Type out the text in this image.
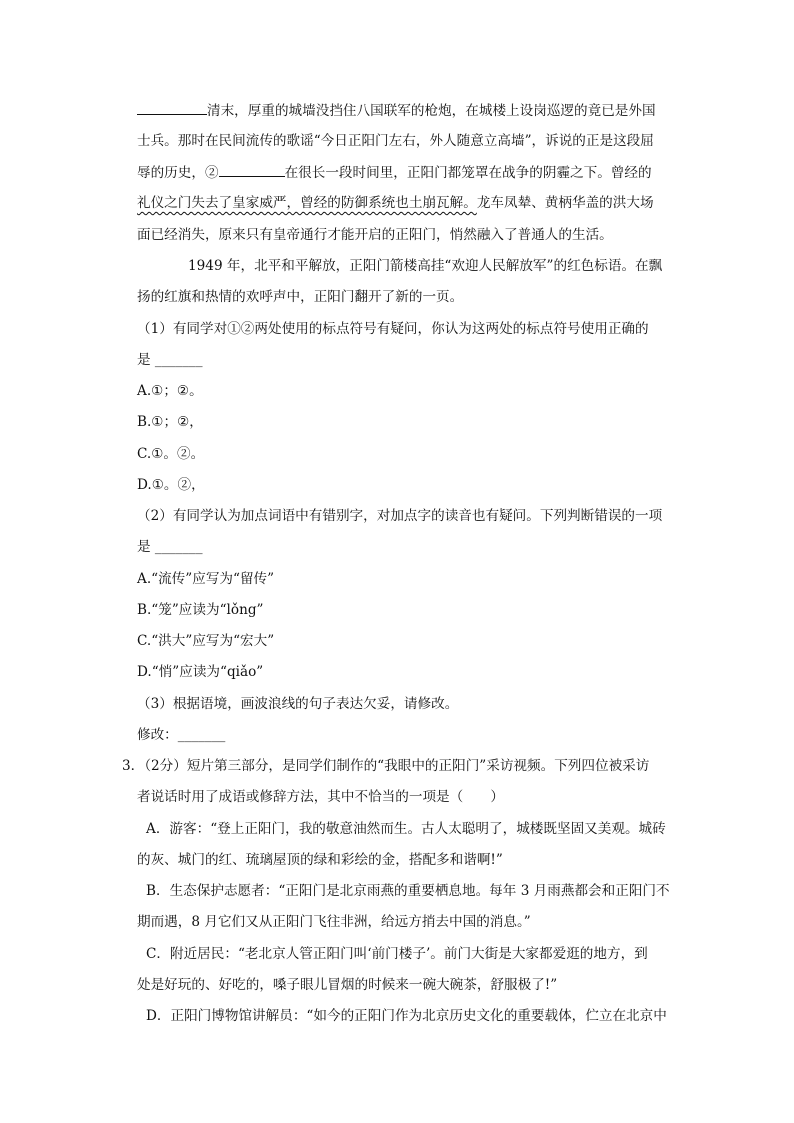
清末，厚重的城墙没挡住八国联军的枪炮，在城楼上设岗巡逻的竟已是外国
士兵。那时在民间流传的歌谣“今日正阳门左右，外人随意立高墙”，诉说的正是这段屈
辱的历史，②	在很长一段时间里，正阳门都笼罩在战争的阴霾之下。曾经的
礼仪之门失去了皇家威严，曾经的防御系统也土崩瓦解。龙车凤辇、黄柄华盖的洪大场
面已经消失，原来只有皇帝通行才能开启的正阳门，悄然融入了普通人的生活。
1949 年，北平和平解放，正阳门箭楼高挂“欢迎人民解放军”的红色标语。在飘
扬的红旗和热情的欢呼声中，正阳门翻开了新的一页。
（1）有同学对①②两处使用的标点符号有疑问，你认为这两处的标点符号使用正确的
是 _______
A.①；②。
B.①；②，
C.①。②。
D.①。②，
（2）有同学认为加点词语中有错别字，对加点字的读音也有疑问。下列判断错误的一项
是 _______
A.“流传”应写为“留传”
B.“笼”应读为“lǒng”
C.“洪大”应写为“宏大”
D.“悄”应读为“qiǎo”
（3）根据语境，画波浪线的句子表达欠妥，请修改。
修改：_______
3．（2分）短片第三部分，是同学们制作的“我眼中的正阳门”采访视频。下列四位被采访
者说话时用了成语或修辞方法，其中不恰当的一项是（　　）
A．游客：“登上正阳门，我的敬意油然而生。古人太聪明了，城楼既坚固又美观。城砖
的灰、城门的红、琉璃屋顶的绿和彩绘的金，搭配多和谐啊!”
B．生态保护志愿者：“正阳门是北京雨燕的重要栖息地。每年 3 月雨燕都会和正阳门不
期而遇，8 月它们又从正阳门飞往非洲，给远方捎去中国的消息。”
C．附近居民：“老北京人管正阳门叫‘前门楼子’。前门大街是大家都爱逛的地方，到
处是好玩的、好吃的，嗓子眼儿冒烟的时候来一碗大碗茶，舒服极了!”
D．正阳门博物馆讲解员：“如今的正阳门作为北京历史文化的重要载体，伫立在北京中
